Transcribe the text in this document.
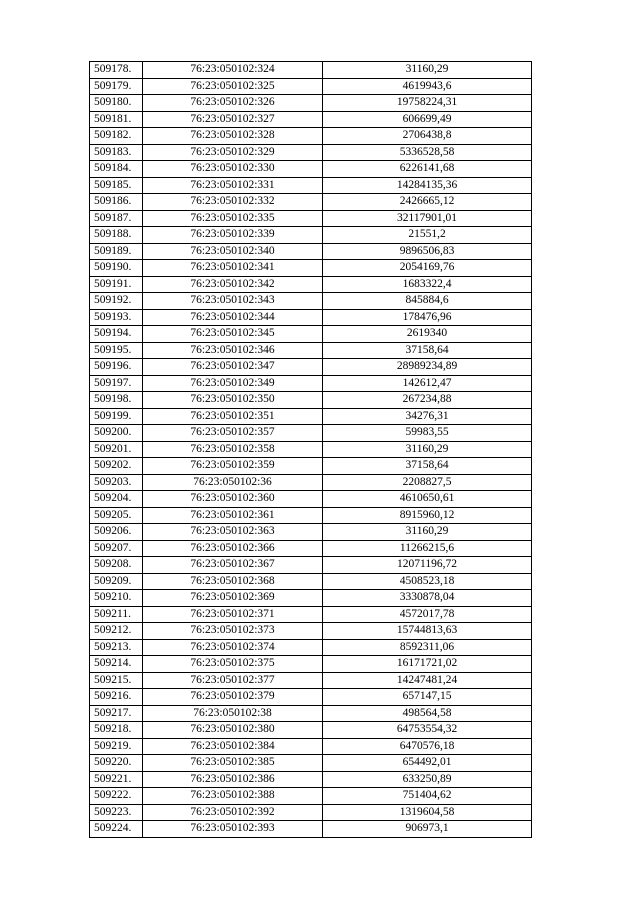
509178.	76:23:050102:324	31160,29
509179.	76:23:050102:325	4619943,6
509180.	76:23:050102:326	19758224,31
509181.	76:23:050102:327	606699,49
509182.	76:23:050102:328	2706438,8
509183.	76:23:050102:329	5336528,58
509184.	76:23:050102:330	6226141,68
509185.	76:23:050102:331	14284135,36
509186.	76:23:050102:332	2426665,12
509187.	76:23:050102:335	32117901,01
509188.	76:23:050102:339	21551,2
509189.	76:23:050102:340	9896506,83
509190.	76:23:050102:341	2054169,76
509191.	76:23:050102:342	1683322,4
509192.	76:23:050102:343	845884,6
509193.	76:23:050102:344	178476,96
509194.	76:23:050102:345	2619340
509195.	76:23:050102:346	37158,64
509196.	76:23:050102:347	28989234,89
509197.	76:23:050102:349	142612,47
509198.	76:23:050102:350	267234,88
509199.	76:23:050102:351	34276,31
509200.	76:23:050102:357	59983,55
509201.	76:23:050102:358	31160,29
509202.	76:23:050102:359	37158,64
509203.	76:23:050102:36	2208827,5
509204.	76:23:050102:360	4610650,61
509205.	76:23:050102:361	8915960,12
509206.	76:23:050102:363	31160,29
509207.	76:23:050102:366	11266215,6
509208.	76:23:050102:367	12071196,72
509209.	76:23:050102:368	4508523,18
509210.	76:23:050102:369	3330878,04
509211.	76:23:050102:371	4572017,78
509212.	76:23:050102:373	15744813,63
509213.	76:23:050102:374	8592311,06
509214.	76:23:050102:375	16171721,02
509215.	76:23:050102:377	14247481,24
509216.	76:23:050102:379	657147,15
509217.	76:23:050102:38	498564,58
509218.	76:23:050102:380	64753554,32
509219.	76:23:050102:384	6470576,18
509220.	76:23:050102:385	654492,01
509221.	76:23:050102:386	633250,89
509222.	76:23:050102:388	751404,62
509223.	76:23:050102:392	1319604,58
509224.	76:23:050102:393	906973,1
